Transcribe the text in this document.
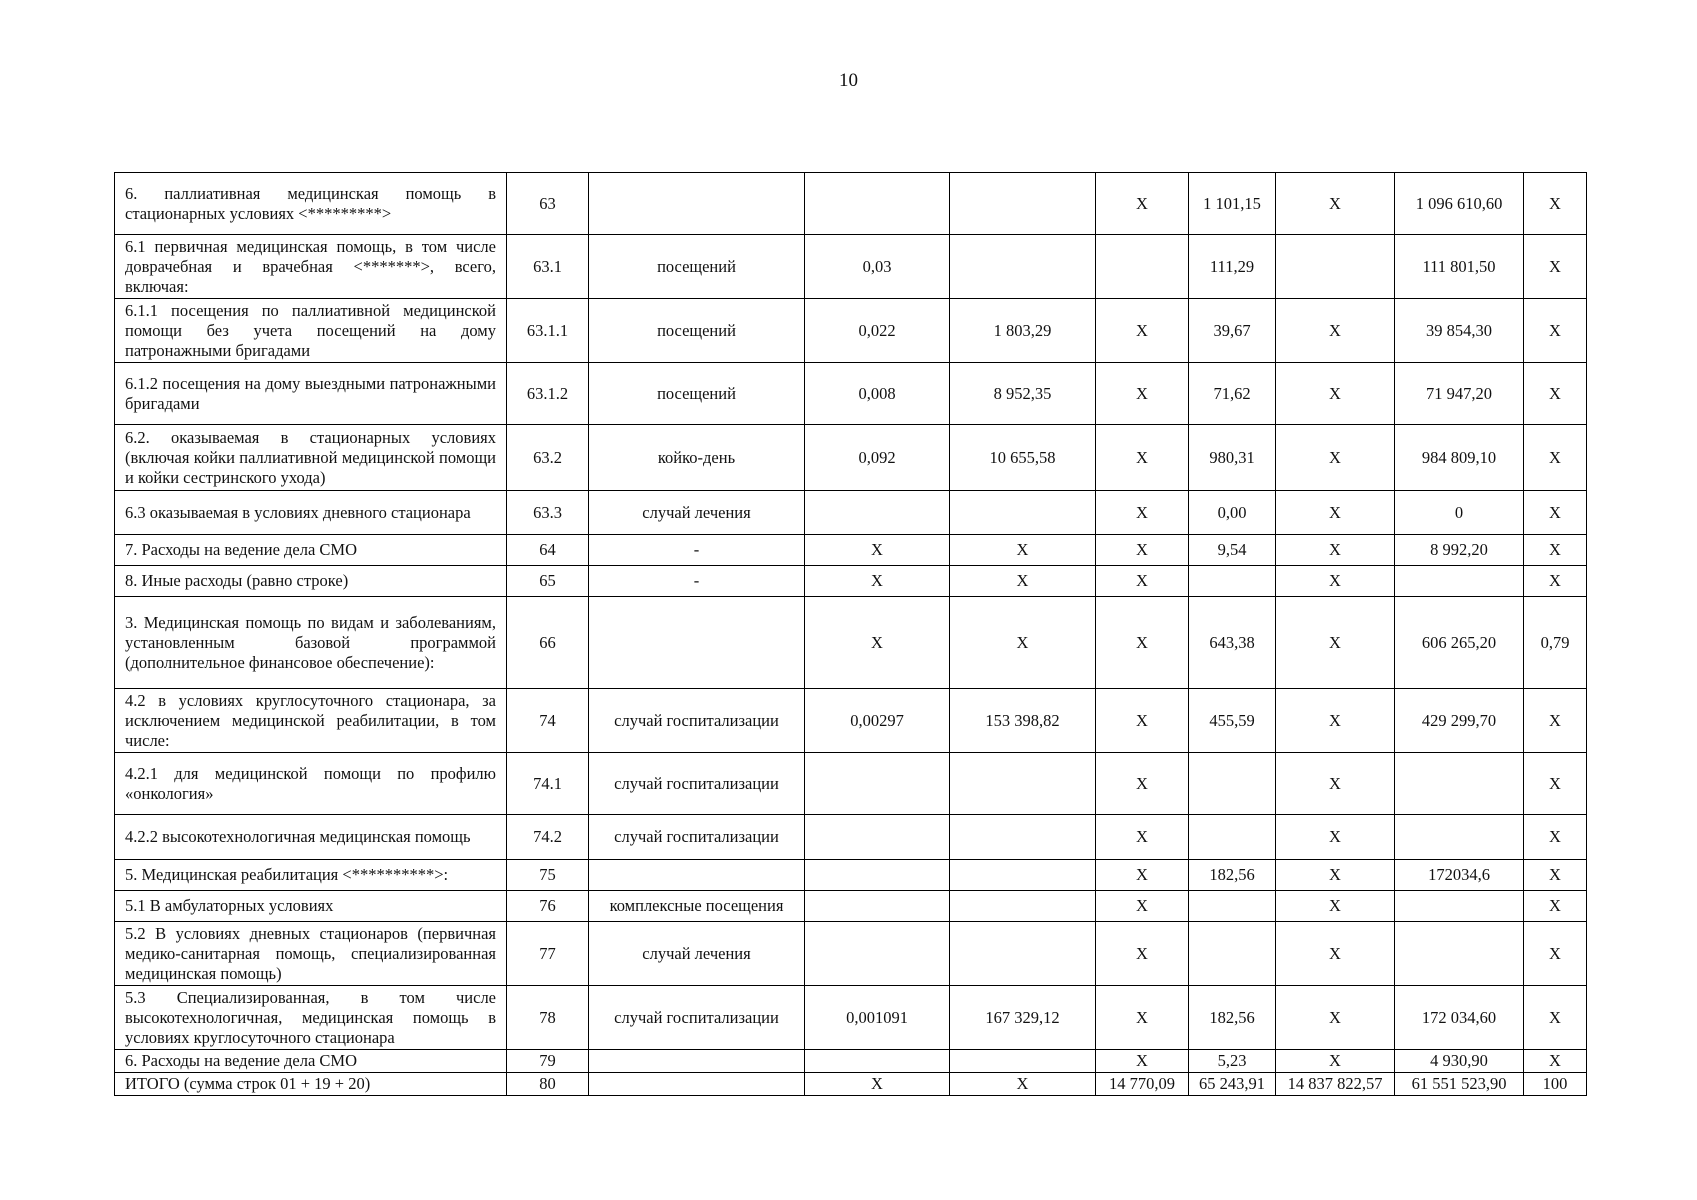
10
6. паллиативная медицинская помощь в стационарных условиях <*********>	63				Х	1 101,15	Х	1 096 610,60	Х
6.1 первичная медицинская помощь, в том числе доврачебная и врачебная <*******>, всего, включая:	63.1	посещений	0,03			111,29		111 801,50	Х
6.1.1 посещения по паллиативной медицинской помощи без учета посещений на дому патронажными бригадами	63.1.1	посещений	0,022	1 803,29	Х	39,67	Х	39 854,30	Х
6.1.2 посещения на дому выездными патронажными бригадами	63.1.2	посещений	0,008	8 952,35	Х	71,62	Х	71 947,20	Х
6.2. оказываемая в стационарных условиях (включая койки паллиативной медицинской помощи и койки сестринского ухода)	63.2	койко-день	0,092	10 655,58	Х	980,31	Х	984 809,10	Х
6.3 оказываемая в условиях дневного стационара	63.3	случай лечения			Х	0,00	Х	0	Х
7. Расходы на ведение дела СМО	64	-	Х	Х	Х	9,54	Х	8 992,20	Х
8. Иные расходы (равно строке)	65	-	Х	Х	Х		Х		Х
3. Медицинская помощь по видам и заболеваниям, установленным базовой программой (дополнительное финансовое обеспечение):	66		Х	Х	Х	643,38	Х	606 265,20	0,79
4.2 в условиях круглосуточного стационара, за исключением медицинской реабилитации, в том числе:	74	случай госпитализации	0,00297	153 398,82	Х	455,59	Х	429 299,70	Х
4.2.1 для медицинской помощи по профилю «онкология»	74.1	случай госпитализации			Х		Х		Х
4.2.2 высокотехнологичная медицинская помощь	74.2	случай госпитализации			Х		Х		Х
5. Медицинская реабилитация <**********>:	75				Х	182,56	Х	172034,6	Х
5.1 В амбулаторных условиях	76	комплексные посещения			Х		Х		Х
5.2 В условиях дневных стационаров (первичная медико-санитарная помощь, специализированная медицинская помощь)	77	случай лечения			Х		Х		Х
5.3 Специализированная, в том числе высокотехнологичная, медицинская помощь в условиях круглосуточного стационара	78	случай госпитализации	0,001091	167 329,12	Х	182,56	Х	172 034,60	Х
6. Расходы на ведение дела СМО	79				Х	5,23	Х	4 930,90	Х
ИТОГО (сумма строк 01 + 19 + 20)	80		Х	Х	14 770,09	65 243,91	14 837 822,57	61 551 523,90	100
